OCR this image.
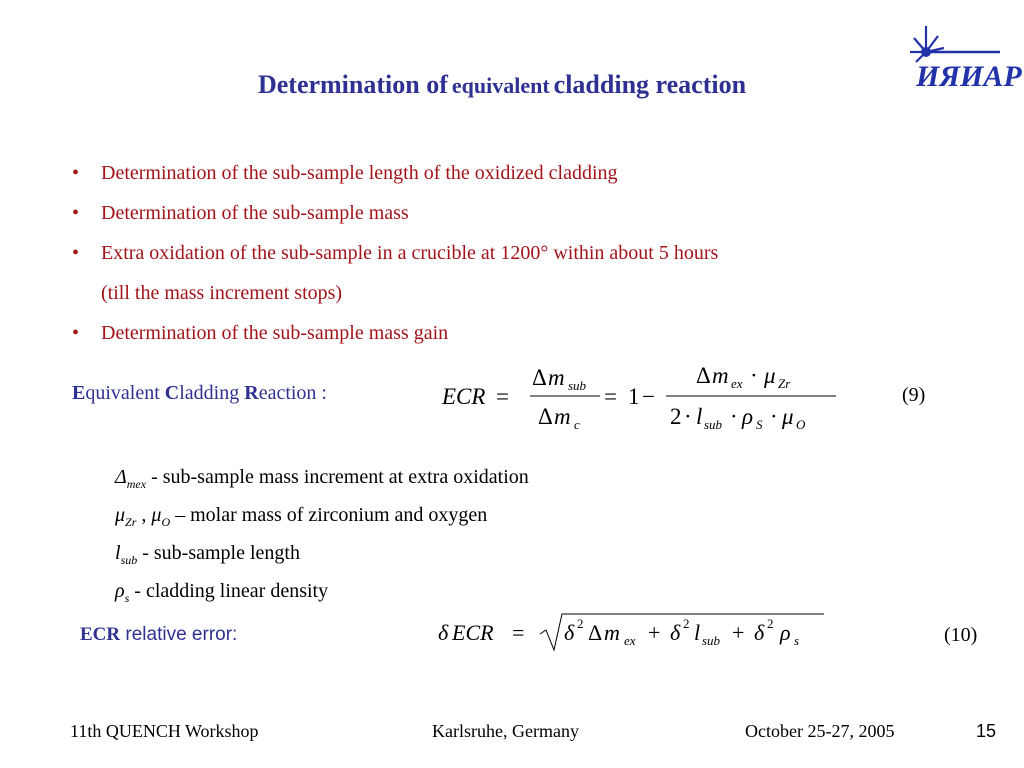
ИЯИАР
Determination of equivalent cladding reaction
• Determination of the sub-sample length of the oxidized cladding
• Determination of the sub-sample mass
• Extra oxidation of the sub-sample in a crucible at 1200° within about 5 hours
(till the mass increment stops)
• Determination of the sub-sample mass gain
Equivalent Cladding Reaction :	ECR =
Δ m sub
Δ m c
= 1 −
Δ m ex · μ Zr
2 · l sub · ρ S · μ O
(9)
$\Delta_{mex}$ - sub-sample mass increment at extra oxidation
$\mu_{Zr}$ , $\mu_O$ – molar mass of zirconium and oxygen
$l_{sub}$ - sub-sample length
$\rho_s$ - cladding linear density
ECR relative error:	δ ECR = δ 2 Δ m ex + δ 2 l sub + δ 2 ρ s	(10)
11th QUENCH Workshop	Karlsruhe, Germany	October 25-27, 2005	15
